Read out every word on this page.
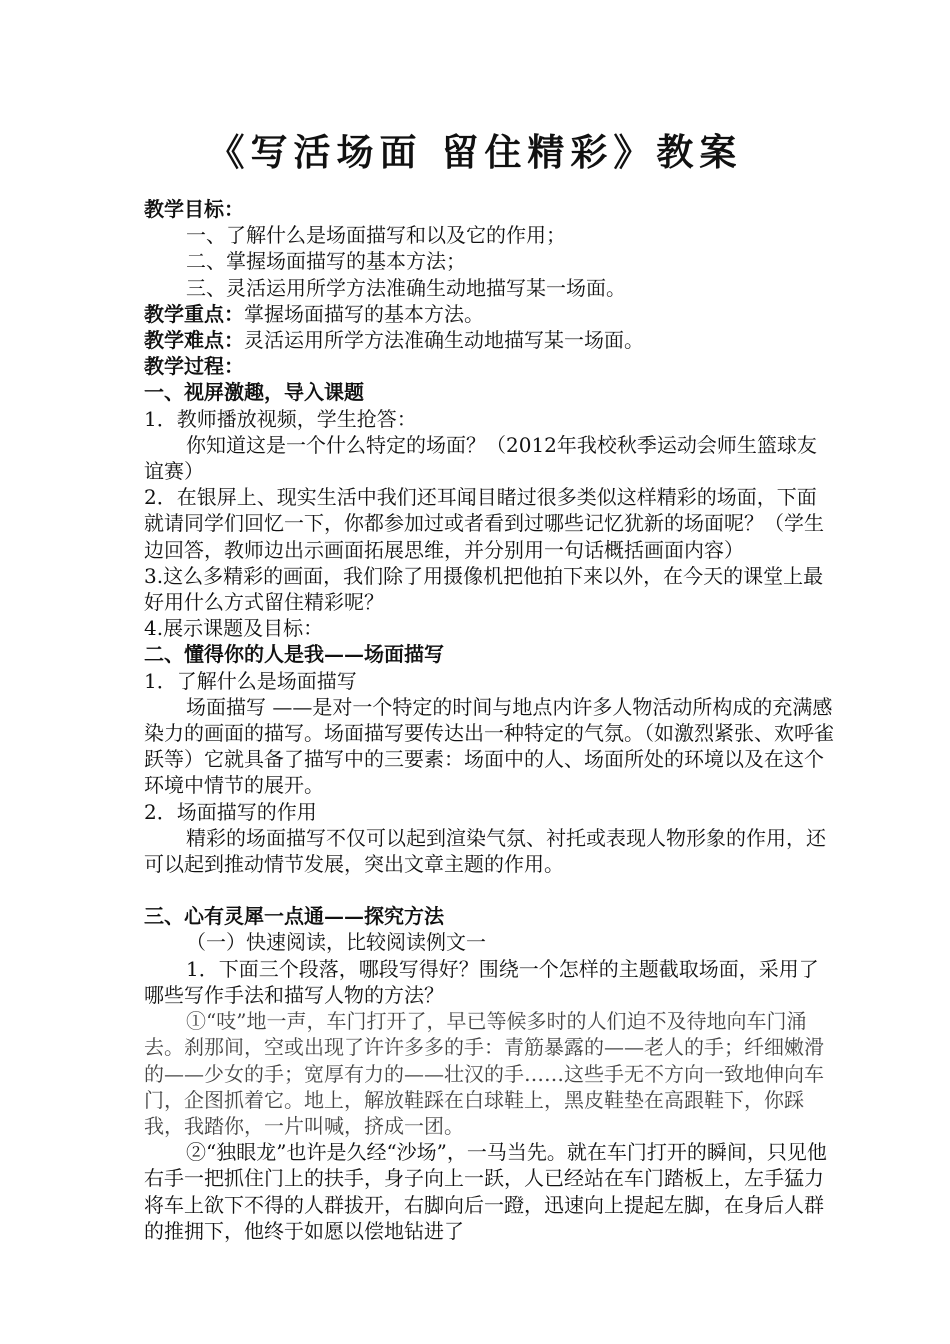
《写活场面 留住精彩》教案

教学目标：

一、了解什么是场面描写和以及它的作用；

二、掌握场面描写的基本方法；

三、灵活运用所学方法准确生动地描写某一场面。

教学重点：掌握场面描写的基本方法。

教学难点：灵活运用所学方法准确生动地描写某一场面。

教学过程：

一、视屏激趣，导入课题

1．教师播放视频，学生抢答：

你知道这是一个什么特定的场面？（2012年我校秋季运动会师生篮球友谊赛）

2．在银屏上、现实生活中我们还耳闻目睹过很多类似这样精彩的场面，下面就请同学们回忆一下，你都参加过或者看到过哪些记忆犹新的场面呢？（学生边回答，教师边出示画面拓展思维，并分别用一句话概括画面内容）

3.这么多精彩的画面，我们除了用摄像机把他拍下来以外，在今天的课堂上最好用什么方式留住精彩呢？

4.展示课题及目标：

二、懂得你的人是我——场面描写

1．了解什么是场面描写

场面描写 ——是对一个特定的时间与地点内许多人物活动所构成的充满感染力的画面的描写。场面描写要传达出一种特定的气氛。（如激烈紧张、欢呼雀跃等）它就具备了描写中的三要素：场面中的人、场面所处的环境以及在这个环境中情节的展开。

2．场面描写的作用

精彩的场面描写不仅可以起到渲染气氛、衬托或表现人物形象的作用，还可以起到推动情节发展，突出文章主题的作用。

三、心有灵犀一点通——探究方法

（一）快速阅读，比较阅读例文一

1．下面三个段落，哪段写得好？围绕一个怎样的主题截取场面，采用了哪些写作手法和描写人物的方法？

①“吱”地一声，车门打开了，早已等候多时的人们迫不及待地向车门涌去。刹那间，空或出现了许许多多的手：青筋暴露的——老人的手；纤细嫩滑的——少女的手；宽厚有力的——壮汉的手……这些手无不方向一致地伸向车门，企图抓着它。地上，解放鞋踩在白球鞋上，黑皮鞋垫在高跟鞋下，你踩我，我踏你，一片叫喊，挤成一团。

②“独眼龙”也许是久经“沙场”，一马当先。就在车门打开的瞬间，只见他右手一把抓住门上的扶手，身子向上一跃，人已经站在车门踏板上，左手猛力将车上欲下不得的人群拔开，右脚向后一蹬，迅速向上提起左脚，在身后人群的推拥下，他终于如愿以偿地钻进了
